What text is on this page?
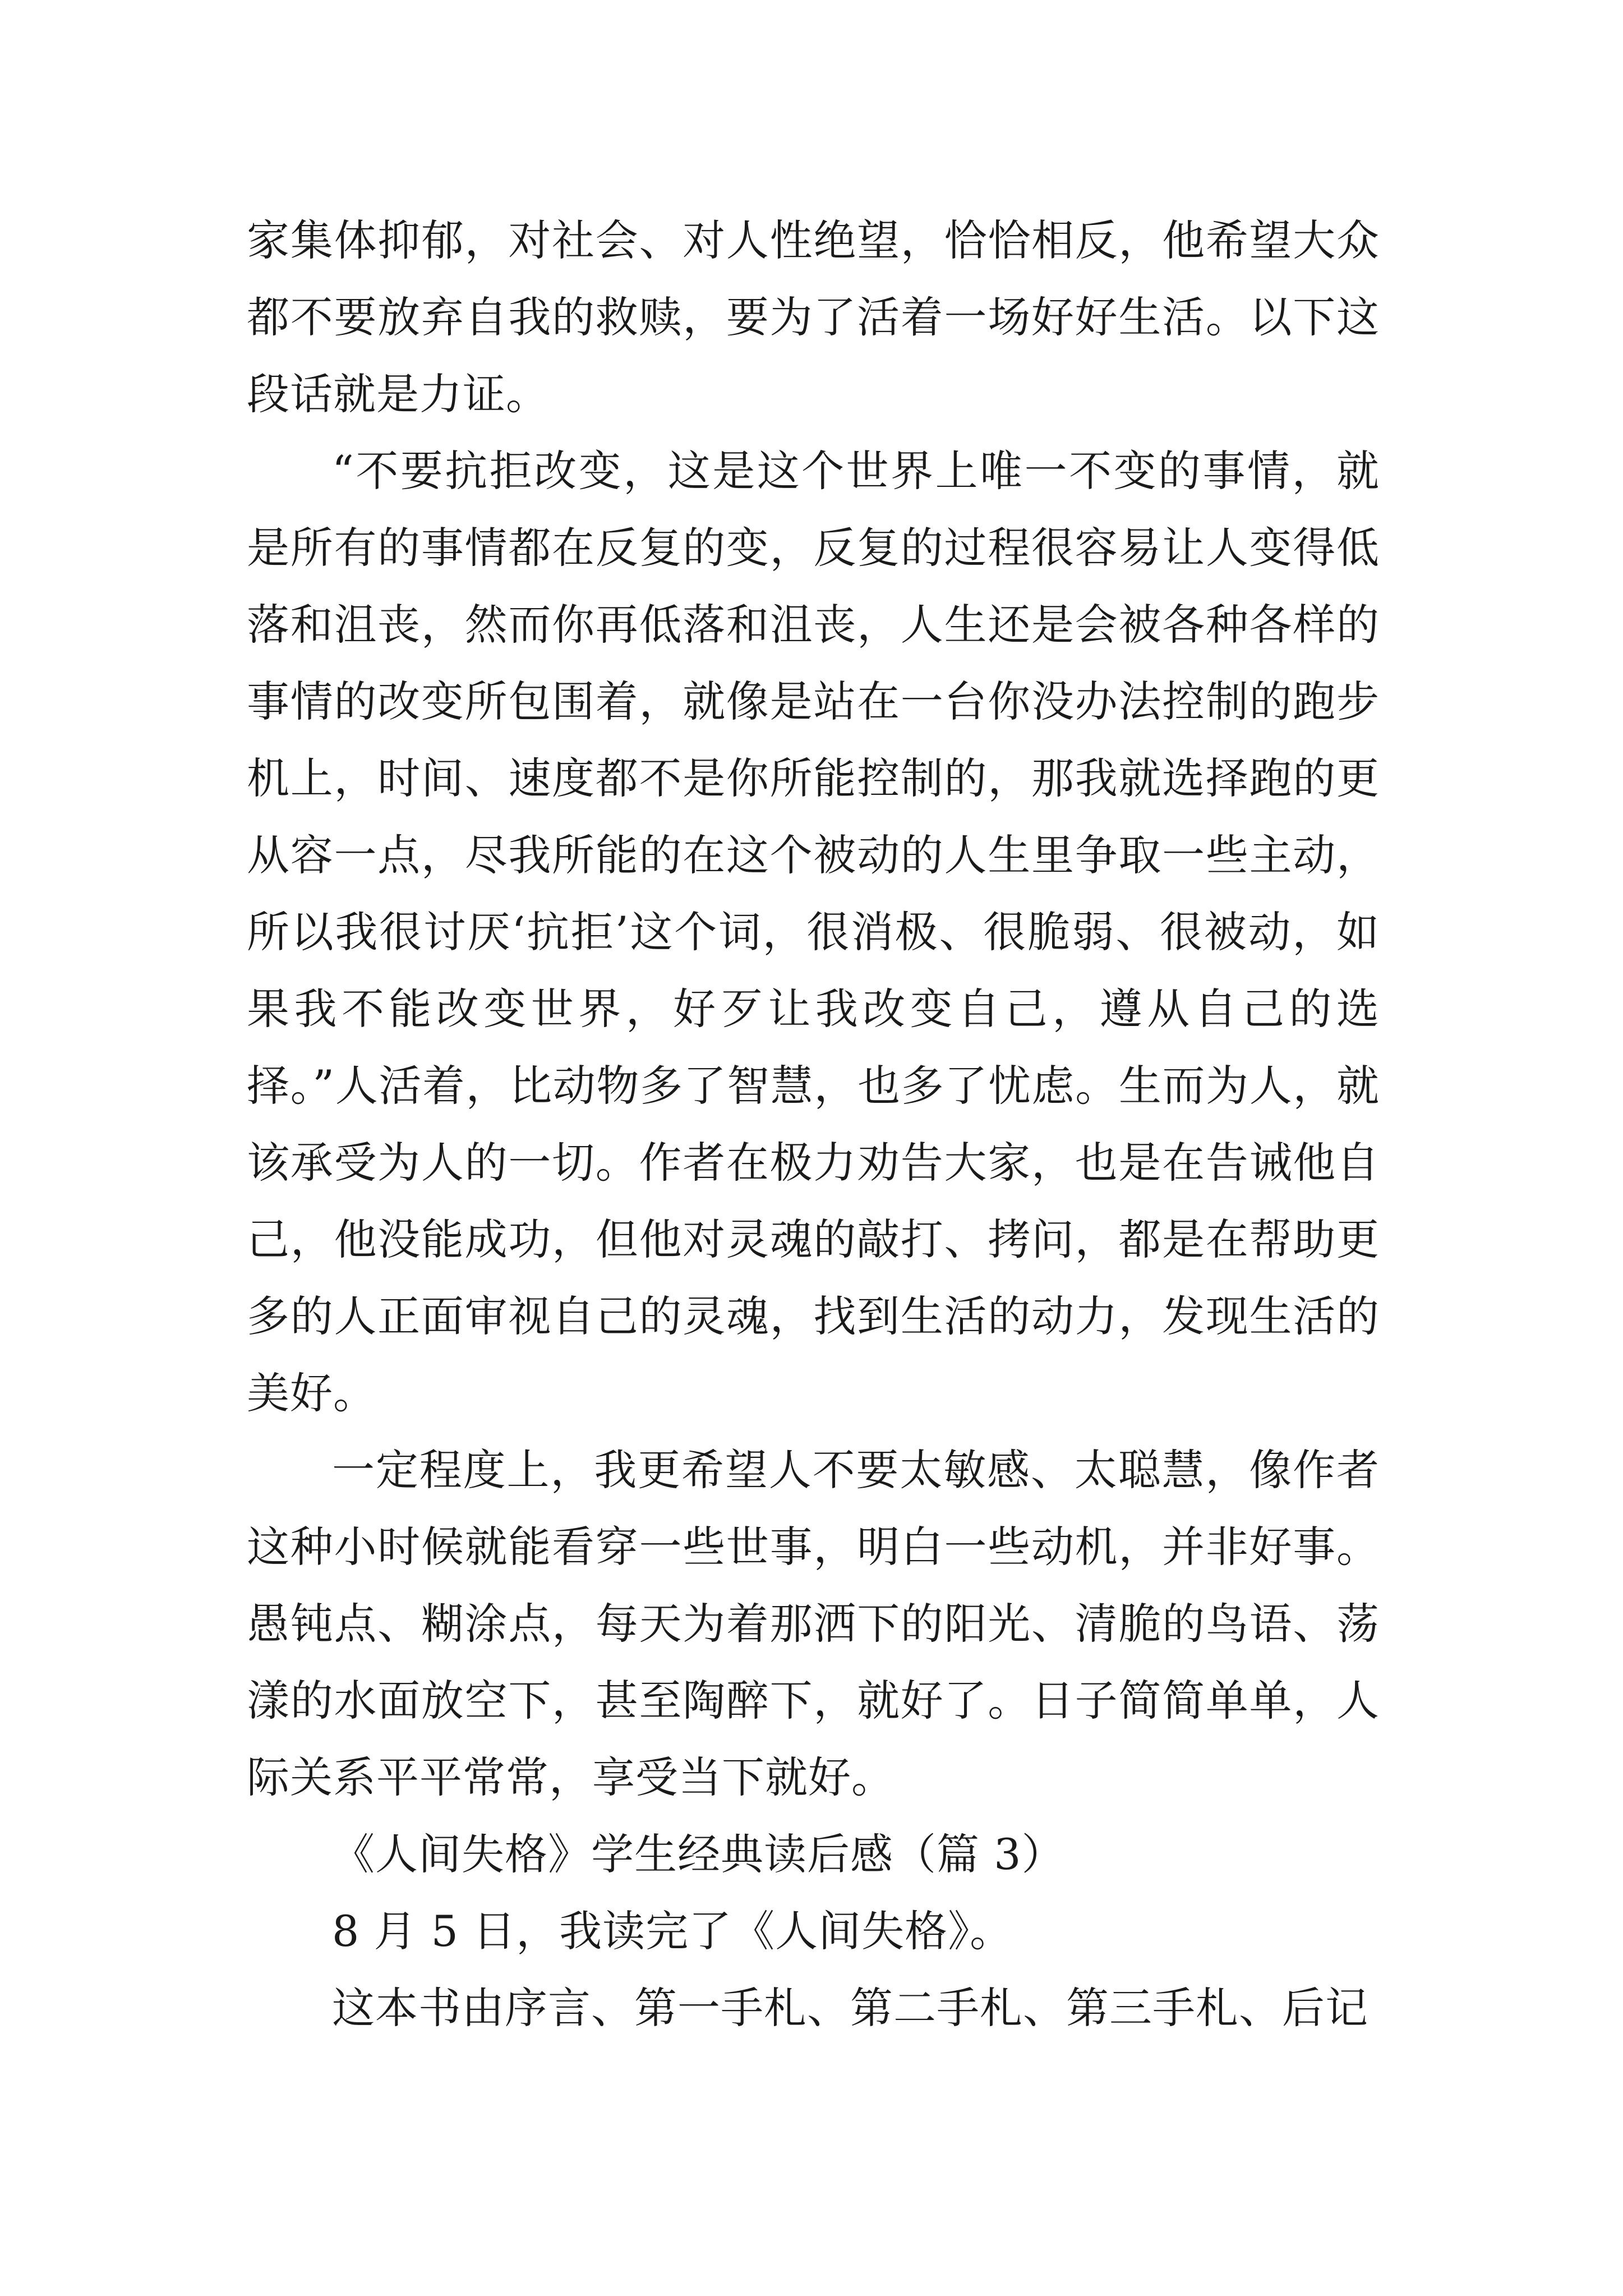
家集体抑郁，对社会、对人性绝望，恰恰相反，他希望大众都不要放弃自我的救赎，要为了活着一场好好生活。以下这段话就是力证。

“不要抗拒改变，这是这个世界上唯一不变的事情，就是所有的事情都在反复的变，反复的过程很容易让人变得低落和沮丧，然而你再低落和沮丧，人生还是会被各种各样的事情的改变所包围着，就像是站在一台你没办法控制的跑步机上，时间、速度都不是你所能控制的，那我就选择跑的更从容一点，尽我所能的在这个被动的人生里争取一些主动，所以我很讨厌‘抗拒’这个词，很消极、很脆弱、很被动，如果我不能改变世界，好歹让我改变自己，遵从自己的选择。”人活着，比动物多了智慧，也多了忧虑。生而为人，就该承受为人的一切。作者在极力劝告大家，也是在告诫他自己，他没能成功，但他对灵魂的敲打、拷问，都是在帮助更多的人正面审视自己的灵魂，找到生活的动力，发现生活的美好。

一定程度上，我更希望人不要太敏感、太聪慧，像作者这种小时候就能看穿一些世事，明白一些动机，并非好事。愚钝点、糊涂点，每天为着那洒下的阳光、清脆的鸟语、荡漾的水面放空下，甚至陶醉下，就好了。日子简简单单，人际关系平平常常，享受当下就好。

《人间失格》学生经典读后感（篇 3）

8 月 5 日，我读完了《人间失格》。

这本书由序言、第一手札、第二手札、第三手札、后记
